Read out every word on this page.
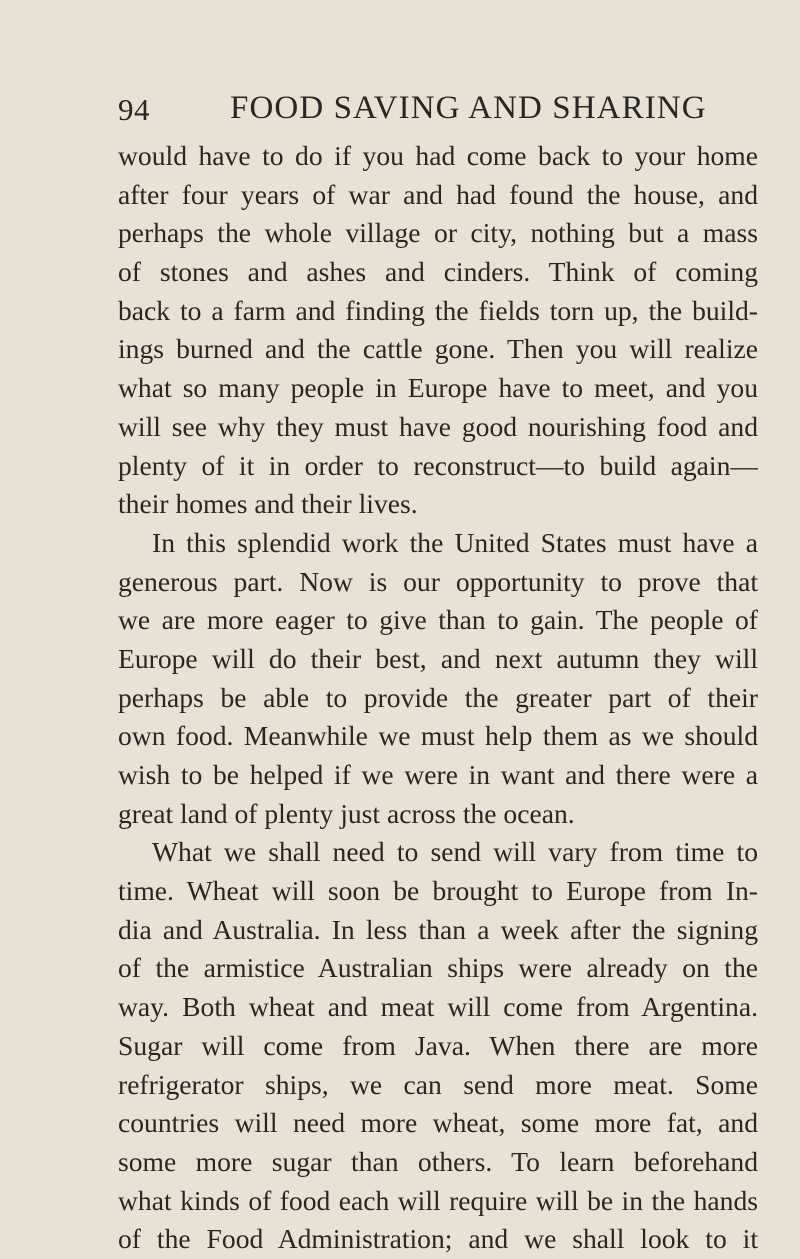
94 FOOD SAVING AND SHARING
would have to do if you had come back to your home
after four years of war and had found the house, and
perhaps the whole village or city, nothing but a mass
of stones and ashes and cinders. Think of coming
back to a farm and finding the fields torn up, the build-
ings burned and the cattle gone. Then you will realize
what so many people in Europe have to meet, and you
will see why they must have good nourishing food and
plenty of it in order to reconstruct—to build again—
their homes and their lives.
In this splendid work the United States must have a
generous part. Now is our opportunity to prove that
we are more eager to give than to gain. The people of
Europe will do their best, and next autumn they will
perhaps be able to provide the greater part of their
own food. Meanwhile we must help them as we should
wish to be helped if we were in want and there were a
great land of plenty just across the ocean.
What we shall need to send will vary from time to
time. Wheat will soon be brought to Europe from In-
dia and Australia. In less than a week after the signing
of the armistice Australian ships were already on the
way. Both wheat and meat will come from Argentina.
Sugar will come from Java. When there are more
refrigerator ships, we can send more meat. Some
countries will need more wheat, some more fat, and
some more sugar than others. To learn beforehand
what kinds of food each will require will be in the hands
of the Food Administration; and we shall look to it
